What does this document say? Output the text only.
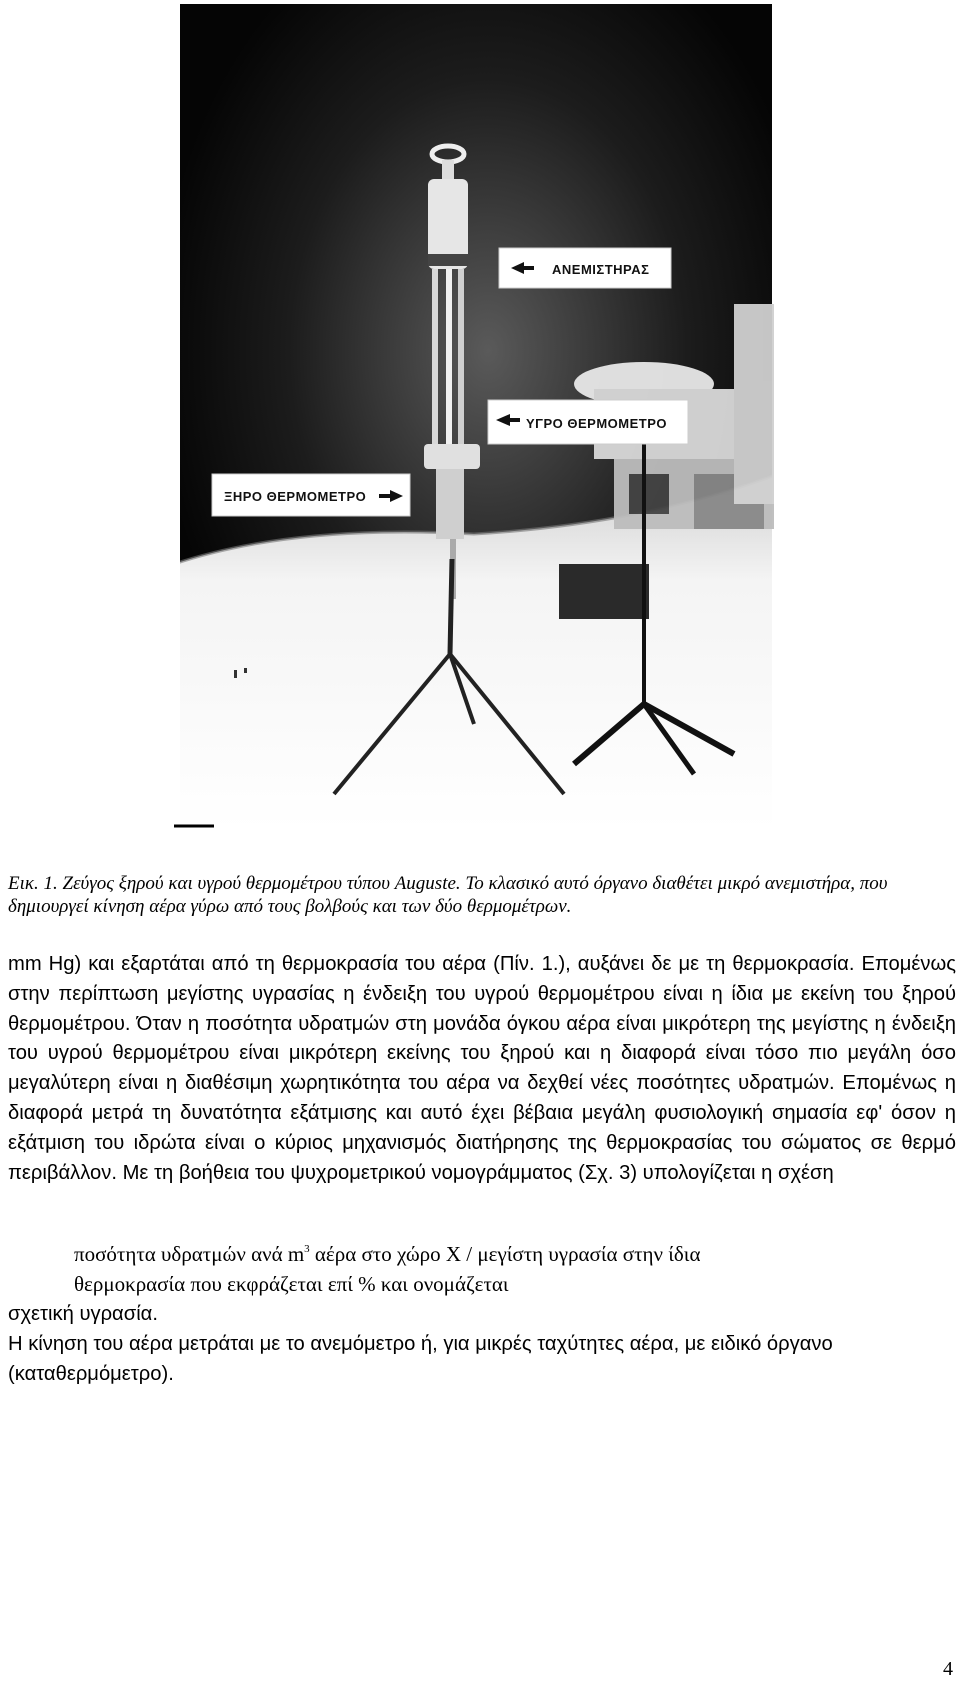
ΑΝΕΜΙΣΤΗΡΑΣ
ΥΓΡΟ ΘΕΡΜΟΜΕΤΡΟ
ΞΗΡΟ ΘΕΡΜΟΜΕΤΡΟ
Εικ. 1. Ζεύγος ξηρού και υγρού θερμομέτρου τύπου Auguste. Το κλασικό αυτό όργανο διαθέτει μικρό ανεμιστήρα, που δημιουργεί κίνηση αέρα γύρω από τους βολβούς και των δύο θερμομέτρων.
mm Hg) και εξαρτάται από τη θερμοκρασία του αέρα (Πίν. 1.), αυξάνει δε με τη θερμοκρασία. Επομένως στην περίπτωση μεγίστης υγρασίας η ένδειξη του υγρού θερμομέτρου είναι η ίδια με εκείνη του ξηρού θερμομέτρου. Όταν η ποσότητα υδρατμών στη μονάδα όγκου αέρα είναι μικρότερη της μεγίστης η ένδειξη του υγρού θερμομέτρου είναι μικρότερη εκείνης του ξηρού και η διαφορά είναι τόσο πιο μεγάλη όσο μεγαλύτερη είναι η διαθέσιμη χωρητικότητα του αέρα να δεχθεί νέες ποσότητες υδρατμών. Επομένως η διαφορά μετρά τη δυνατότητα εξάτμισης και αυτό έχει βέβαια μεγάλη φυσιολογική σημασία εφ' όσον η εξάτμιση του ιδρώτα είναι ο κύριος μηχανισμός διατήρησης της θερμοκρασίας του σώματος σε θερμό περιβάλλον. Με τη βοήθεια του ψυχρομετρικού νομογράμματος (Σχ. 3) υπολογίζεται η σχέση
ποσότητα υδρατμών ανά $m^3$ αέρα στο χώρο X / μεγίστη υγρασία στην ίδια
θερμοκρασία που εκφράζεται επί % και ονομάζεται
σχετική υγρασία.
Η κίνηση του αέρα μετράται με το ανεμόμετρο ή, για μικρές ταχύτητες αέρα, με ειδικό όργανο (καταθερμόμετρο).
4
